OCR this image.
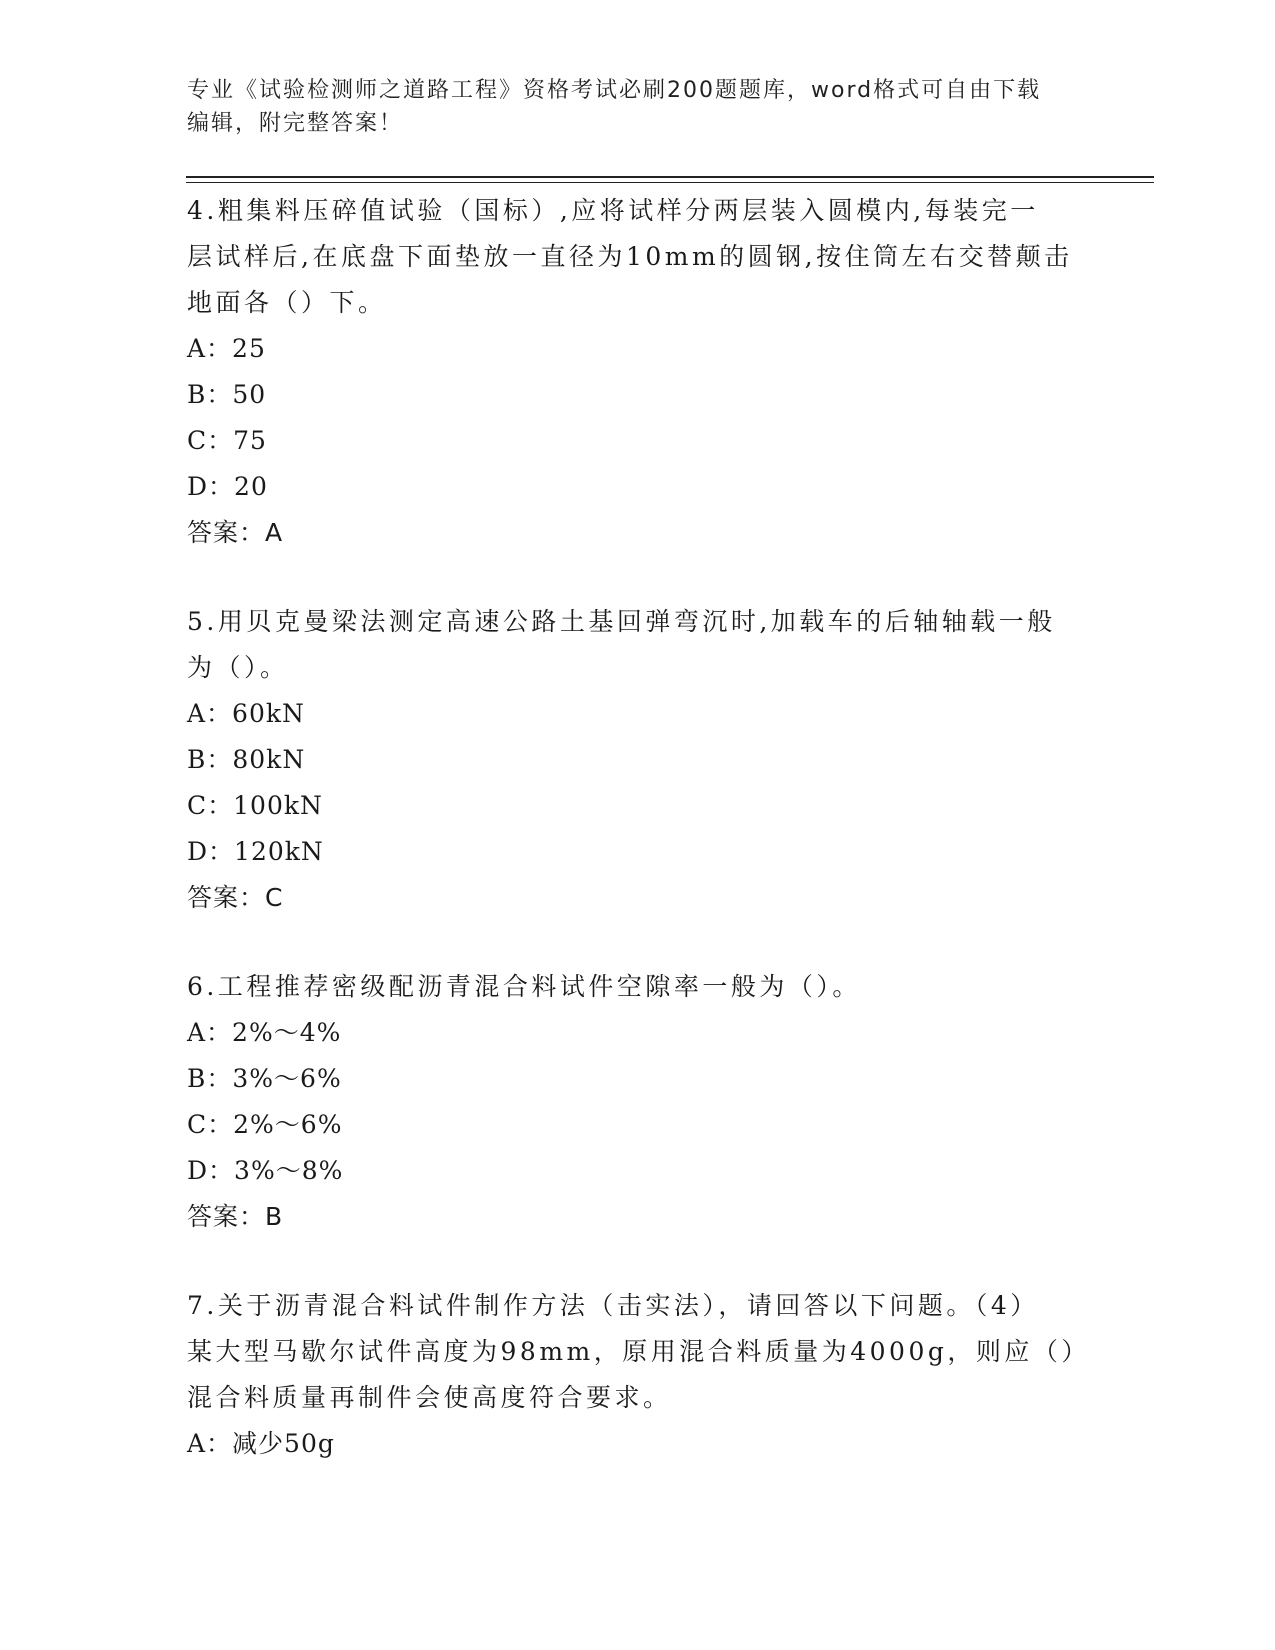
专业《试验检测师之道路工程》资格考试必刷200题题库，word格式可自由下载
编辑，附完整答案！

4.粗集料压碎值试验（国标）,应将试样分两层装入圆模内,每装完一

层试样后,在底盘下面垫放一直径为10mm的圆钢,按住筒左右交替颠击

地面各（）下。

A：25

B：50

C：75

D：20

答案：A

5.用贝克曼梁法测定高速公路土基回弹弯沉时,加载车的后轴轴载一般

为（）。

A：60kN

B：80kN

C：100kN

D：120kN

答案：C

6.工程推荐密级配沥青混合料试件空隙率一般为（）。

A：2%～4%

B：3%～6%

C：2%～6%

D：3%～8%

答案：B

7.关于沥青混合料试件制作方法（击实法），请回答以下问题。（4）

某大型马歇尔试件高度为98mm，原用混合料质量为4000g，则应（）

混合料质量再制件会使高度符合要求。

A：减少50g
